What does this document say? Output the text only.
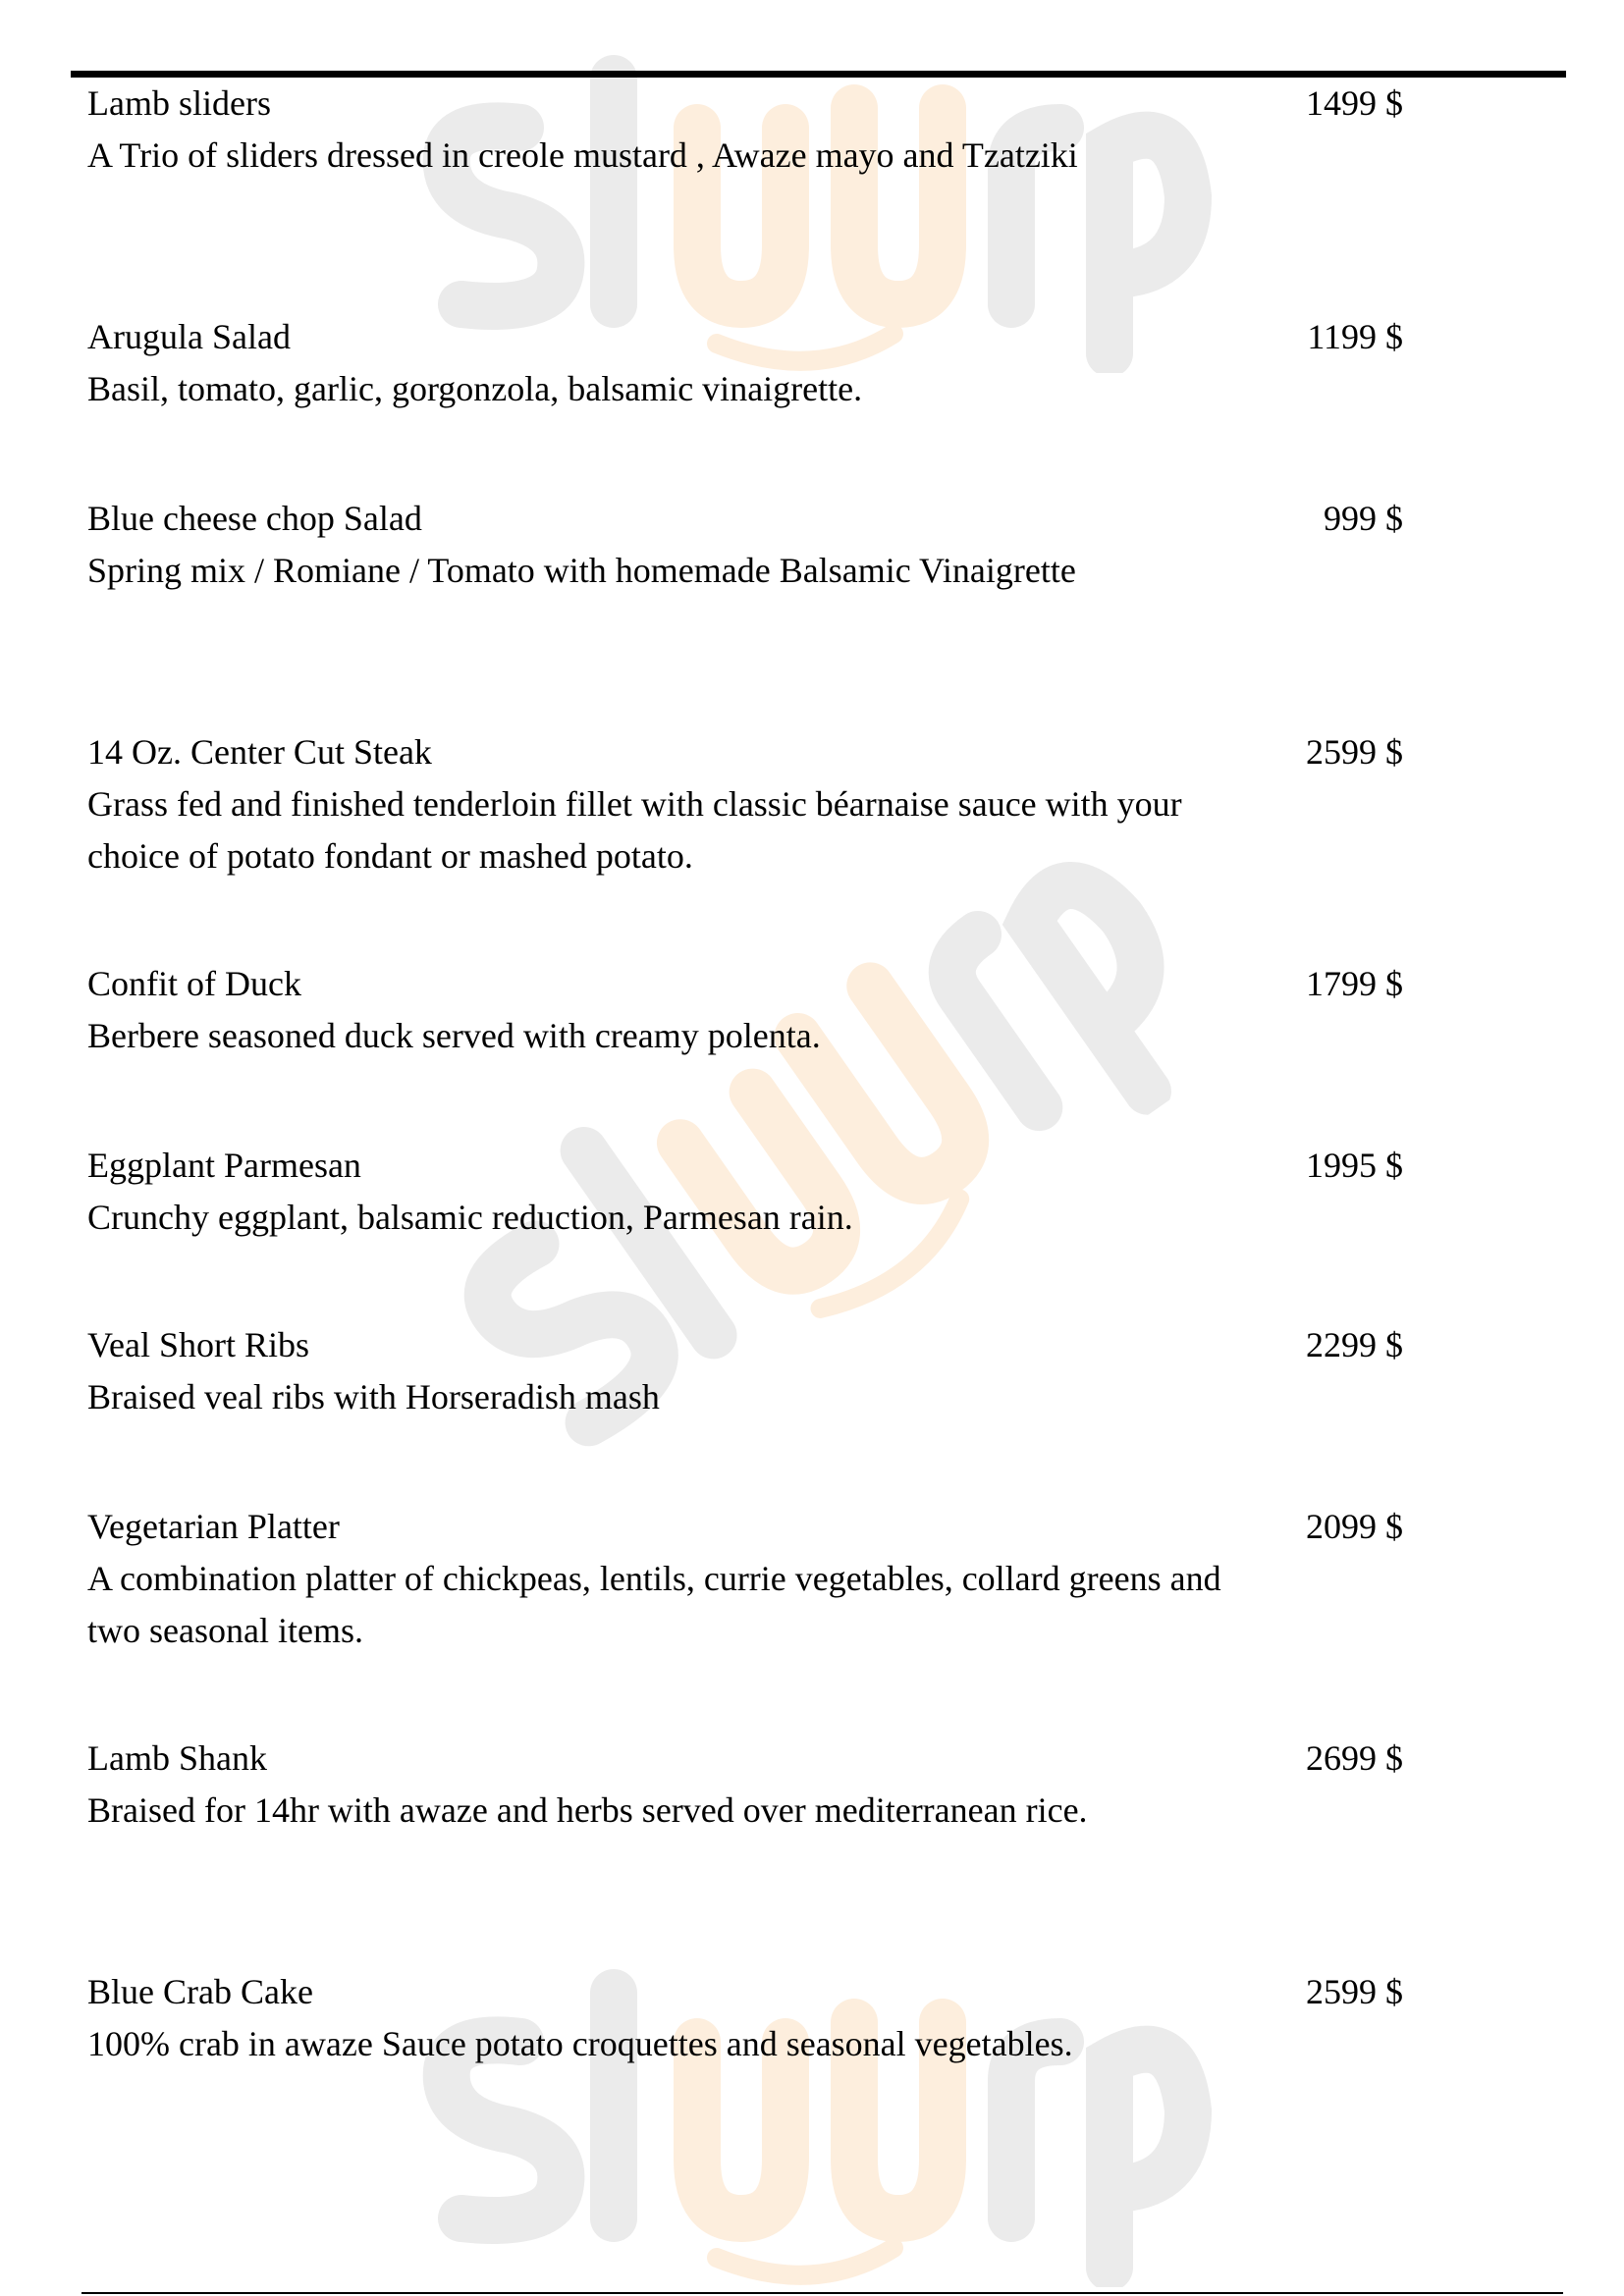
Lamb sliders
A Trio of sliders dressed in creole mustard , Awaze mayo and Tzatziki
1499 $
Arugula Salad
Basil, tomato, garlic, gorgonzola, balsamic vinaigrette.
1199 $
Blue cheese chop Salad
Spring mix / Romiane / Tomato with homemade Balsamic Vinaigrette
999 $
14 Oz. Center Cut Steak
Grass fed and finished tenderloin fillet with classic béarnaise sauce with your choice of potato fondant or mashed potato.
2599 $
Confit of Duck
Berbere seasoned duck served with creamy polenta.
1799 $
Eggplant Parmesan
Crunchy eggplant, balsamic reduction, Parmesan rain.
1995 $
Veal Short Ribs
Braised veal ribs with Horseradish mash
2299 $
Vegetarian Platter
A combination platter of chickpeas, lentils, currie vegetables, collard greens and two seasonal items.
2099 $
Lamb Shank
Braised for 14hr with awaze and herbs served over mediterranean rice.
2699 $
Blue Crab Cake
100% crab in awaze Sauce potato croquettes and seasonal vegetables.
2599 $
